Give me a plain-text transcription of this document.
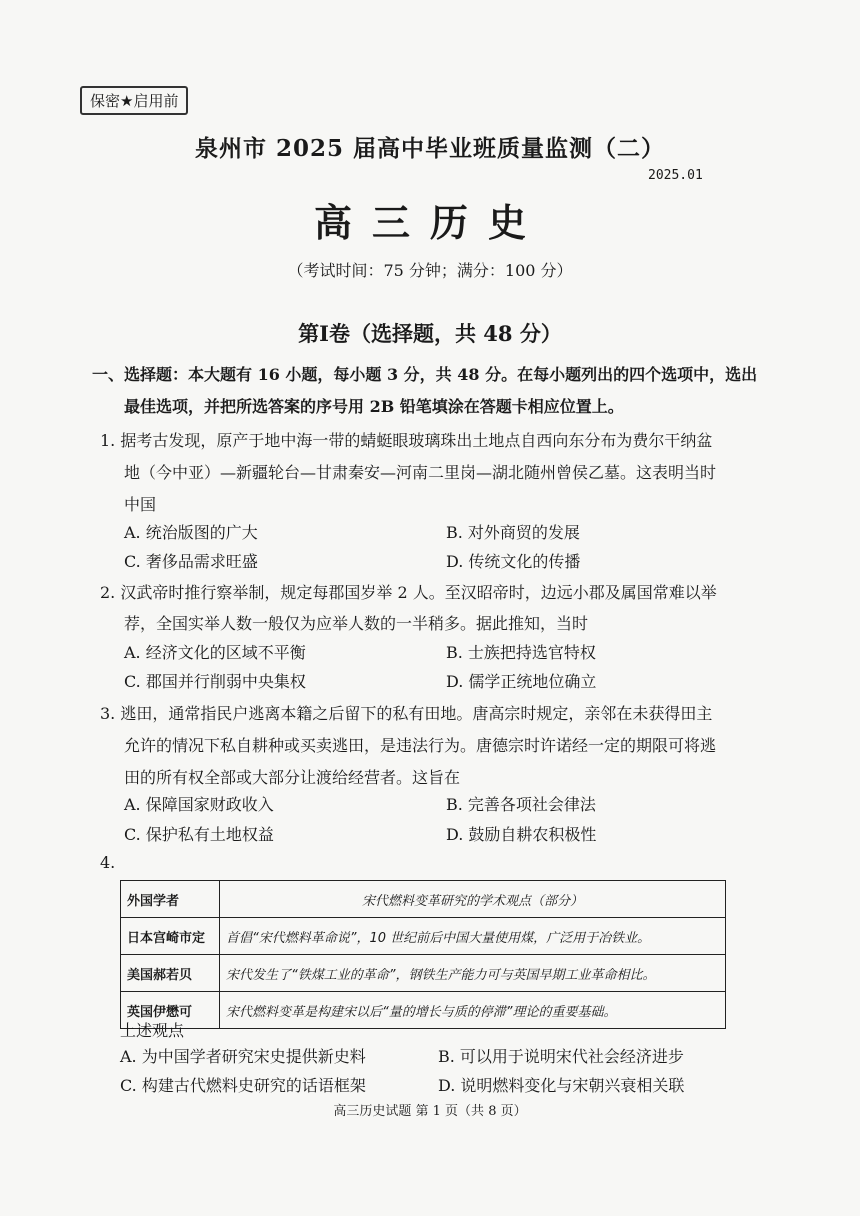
保密★启用前
泉州市 2025 届高中毕业班质量监测（二）
2025.01
高三历史
（考试时间：75 分钟；满分：100 分）
第Ⅰ卷（选择题，共 48 分）
一、选择题：本大题有 16 小题，每小题 3 分，共 48 分。在每小题列出的四个选项中，选出
最佳选项，并把所选答案的序号用 2B 铅笔填涂在答题卡相应位置上。
1. 据考古发现，原产于地中海一带的蜻蜓眼玻璃珠出土地点自西向东分布为费尔干纳盆
地（今中亚）—新疆轮台—甘肃秦安—河南二里岗—湖北随州曾侯乙墓。这表明当时
中国
A. 统治版图的广大	B. 对外商贸的发展
C. 奢侈品需求旺盛	D. 传统文化的传播
2. 汉武帝时推行察举制，规定每郡国岁举 2 人。至汉昭帝时，边远小郡及属国常难以举
荐，全国实举人数一般仅为应举人数的一半稍多。据此推知，当时
A. 经济文化的区域不平衡	B. 士族把持选官特权
C. 郡国并行削弱中央集权	D. 儒学正统地位确立
3. 逃田，通常指民户逃离本籍之后留下的私有田地。唐高宗时规定，亲邻在未获得田主
允许的情况下私自耕种或买卖逃田，是违法行为。唐德宗时许诺经一定的期限可将逃
田的所有权全部或大部分让渡给经营者。这旨在
A. 保障国家财政收入	B. 完善各项社会律法
C. 保护私有土地权益	D. 鼓励自耕农积极性
4.
外国学者	宋代燃料变革研究的学术观点（部分）
日本宫崎市定	首倡“宋代燃料革命说”，10 世纪前后中国大量使用煤，广泛用于冶铁业。
美国郝若贝	宋代发生了“铁煤工业的革命”，钢铁生产能力可与英国早期工业革命相比。
英国伊懋可	宋代燃料变革是构建宋以后“量的增长与质的停滞”理论的重要基础。
上述观点
A. 为中国学者研究宋史提供新史料	B. 可以用于说明宋代社会经济进步
C. 构建古代燃料史研究的话语框架	D. 说明燃料变化与宋朝兴衰相关联
高三历史试题 第 1 页（共 8 页）
